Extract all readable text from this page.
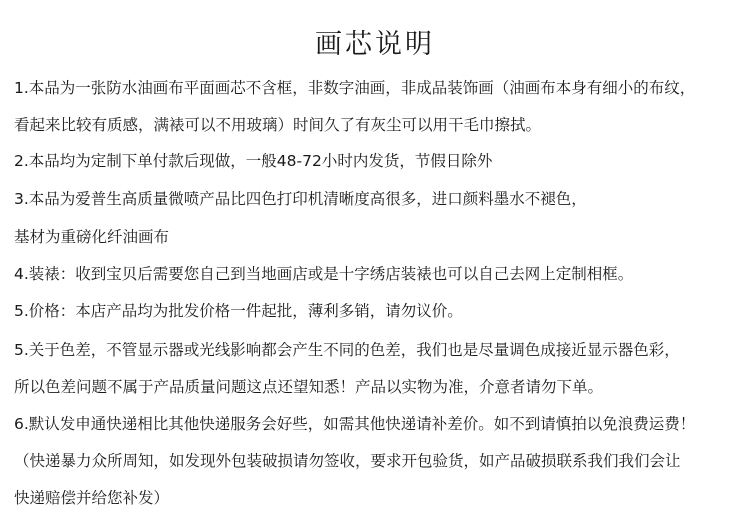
画芯说明
1.本品为一张防水油画布平面画芯不含框，非数字油画，非成品装饰画（油画布本身有细小的布纹，
看起来比较有质感，满裱可以不用玻璃）时间久了有灰尘可以用干毛巾擦拭。
2.本品均为定制下单付款后现做，一般48-72小时内发货，节假日除外
3.本品为爱普生高质量微喷产品比四色打印机清晰度高很多，进口颜料墨水不褪色，
基材为重磅化纤油画布
4.装裱：收到宝贝后需要您自己到当地画店或是十字绣店装裱也可以自己去网上定制相框。
5.价格：本店产品均为批发价格一件起批，薄利多销，请勿议价。
5.关于色差，不管显示器或光线影响都会产生不同的色差，我们也是尽量调色成接近显示器色彩，
所以色差问题不属于产品质量问题这点还望知悉！产品以实物为准，介意者请勿下单。
6.默认发申通快递相比其他快递服务会好些，如需其他快递请补差价。如不到请慎拍以免浪费运费！
（快递暴力众所周知，如发现外包装破损请勿签收，要求开包验货，如产品破损联系我们我们会让
快递赔偿并给您补发）
